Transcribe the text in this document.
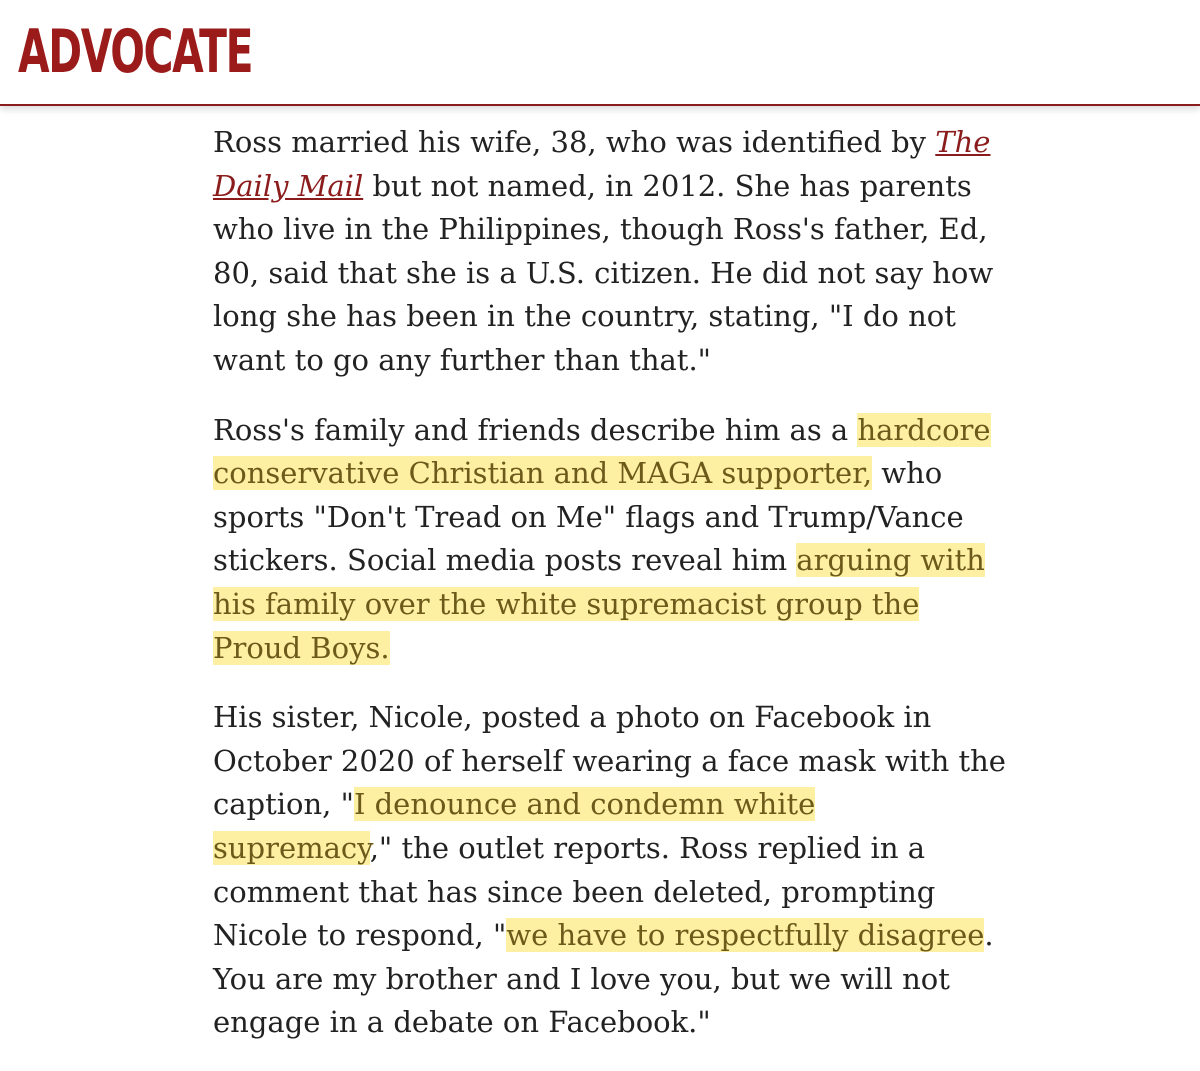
ADVOCATE

Ross married his wife, 38, who was identified by The
Daily Mail but not named, in 2012. She has parents
who live in the Philippines, though Ross's father, Ed,
80, said that she is a U.S. citizen. He did not say how
long she has been in the country, stating, "I do not
want to go any further than that."

Ross's family and friends describe him as a hardcore
conservative Christian and MAGA supporter, who
sports "Don't Tread on Me" flags and Trump/Vance
stickers. Social media posts reveal him arguing with
his family over the white supremacist group the
Proud Boys.

His sister, Nicole, posted a photo on Facebook in
October 2020 of herself wearing a face mask with the
caption, "I denounce and condemn white
supremacy," the outlet reports. Ross replied in a
comment that has since been deleted, prompting
Nicole to respond, "we have to respectfully disagree.
You are my brother and I love you, but we will not
engage in a debate on Facebook."
